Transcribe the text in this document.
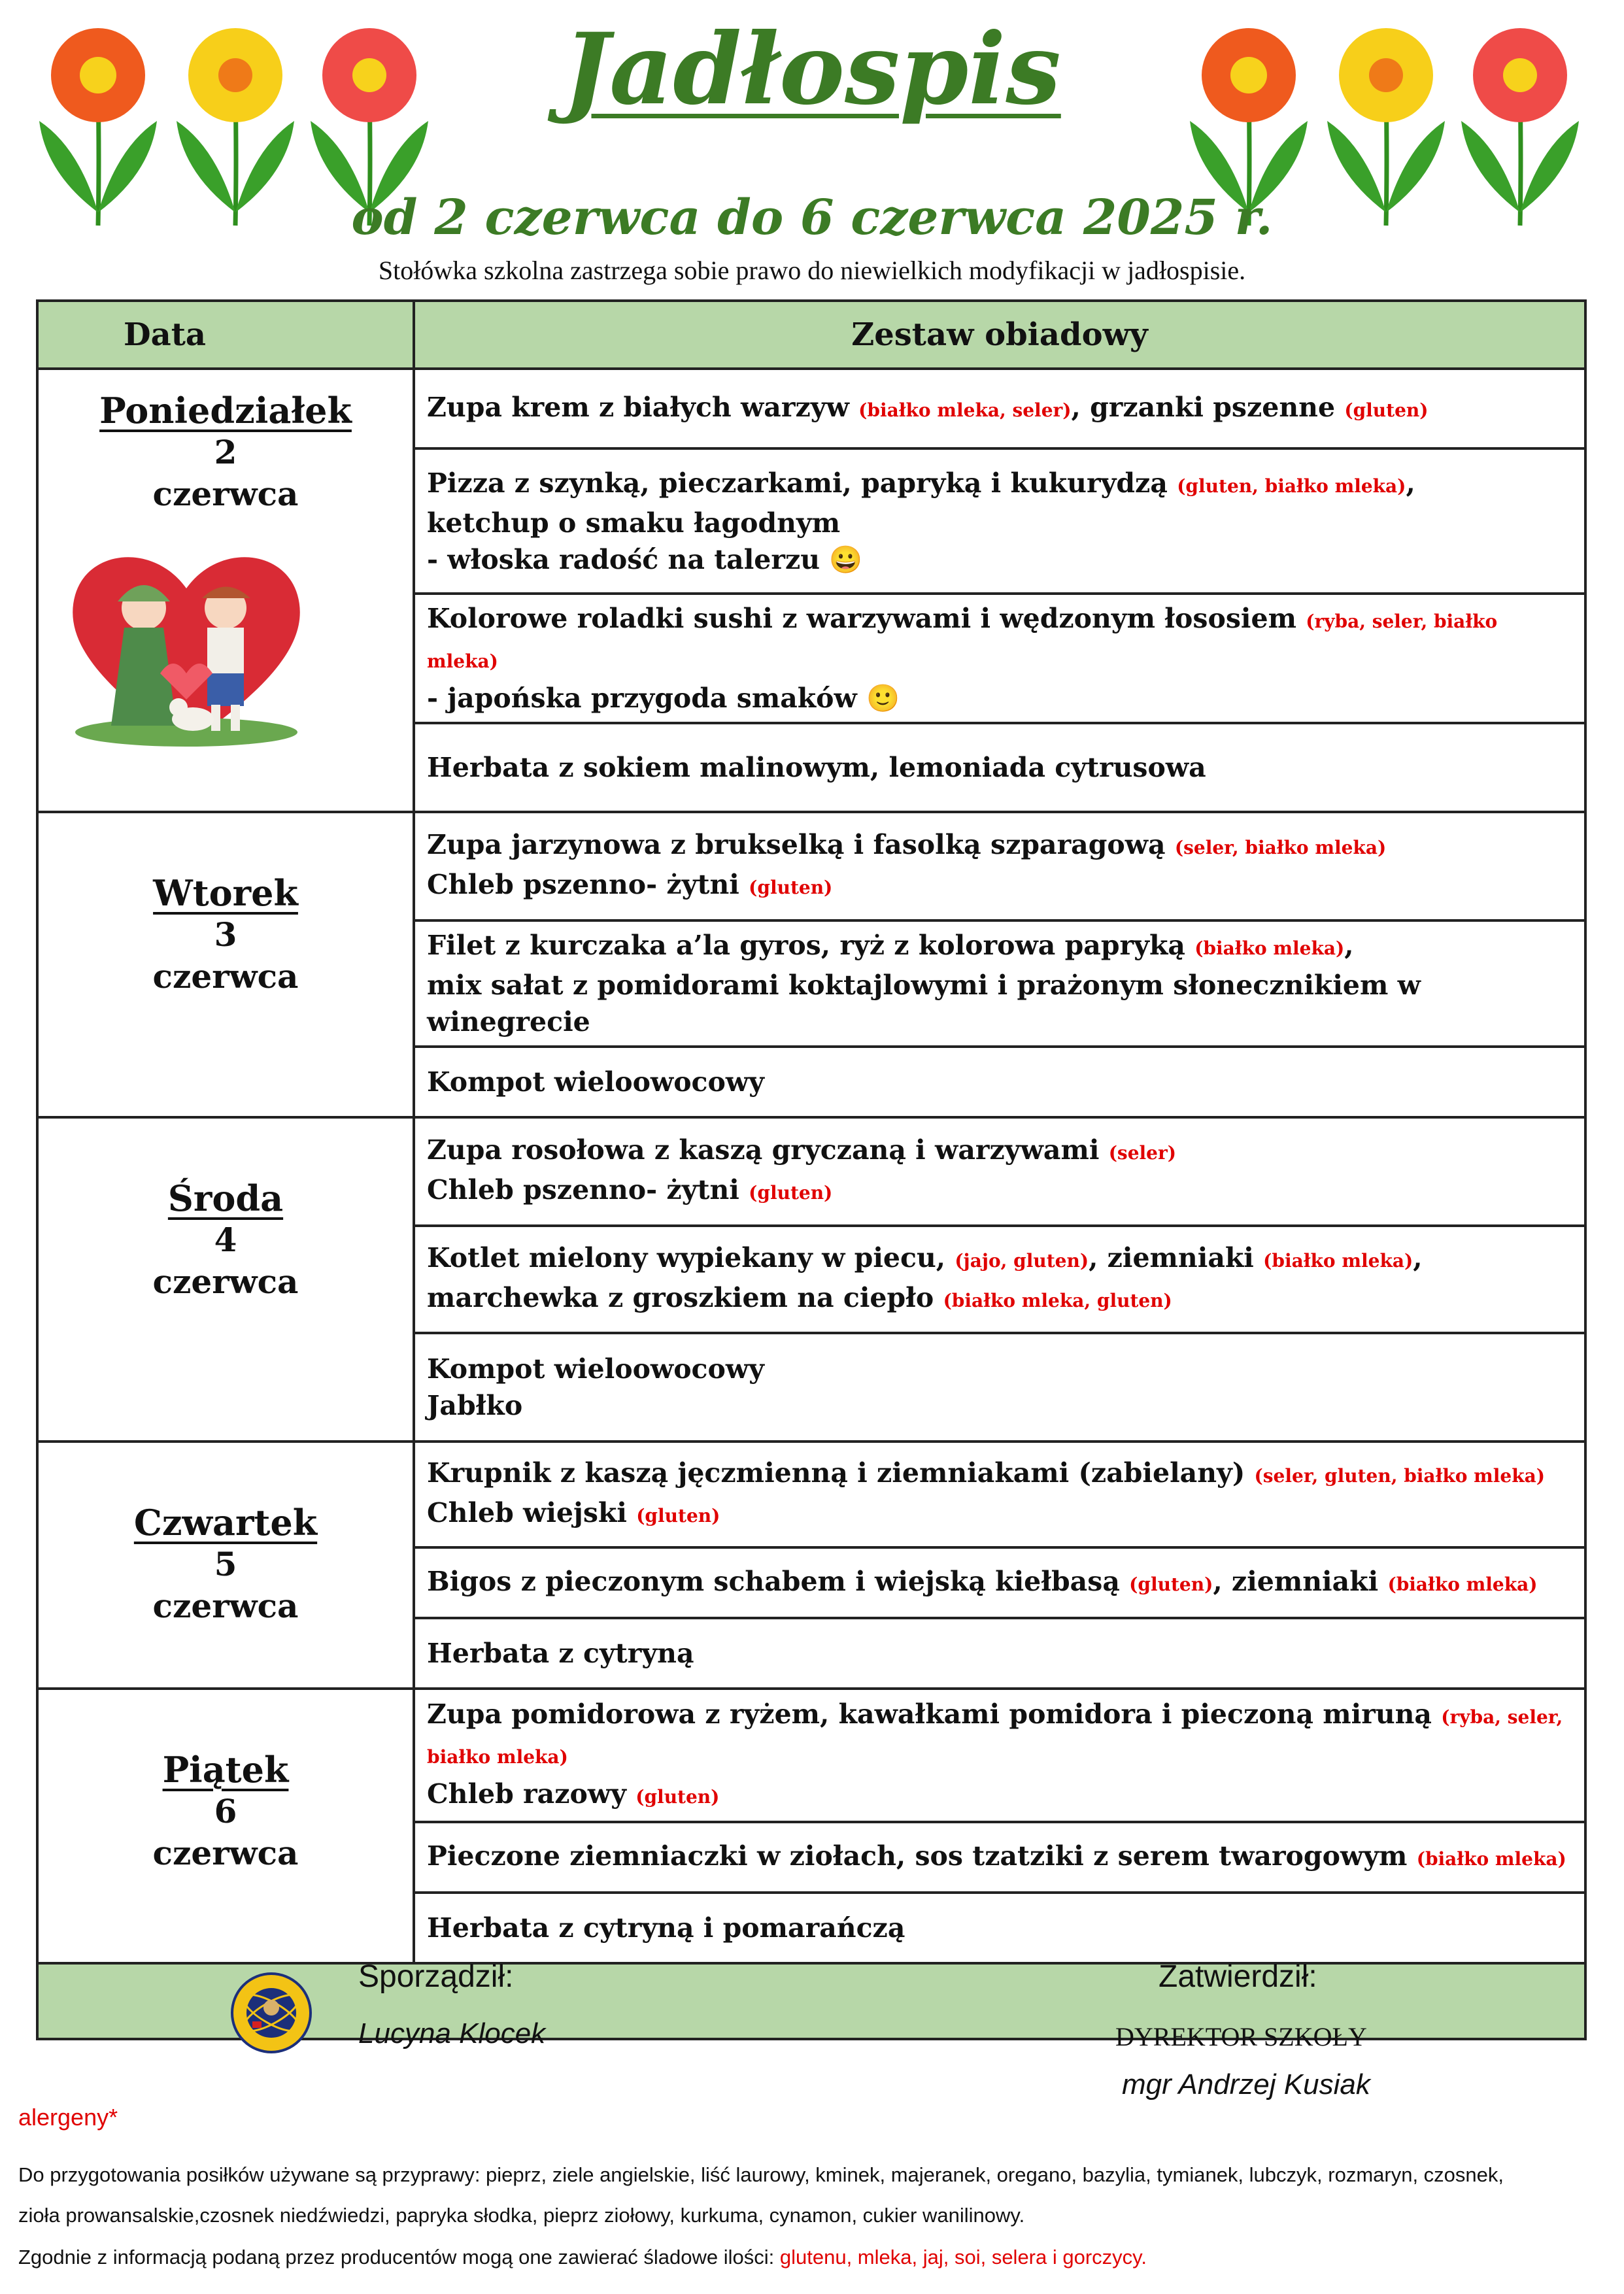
Jadłospis
od 2 czerwca do 6 czerwca 2025 r.
Stołówka szkolna zastrzega sobie prawo do niewielkich modyfikacji w jadłospisie.
Data	Zestaw obiadowy

Poniedziałek
2
czerwca	Zupa krem z białych warzyw (białko mleka, seler), grzanki pszenne (gluten)

	Pizza z szynką, pieczarkami, papryką i kukurydzą (gluten, białko mleka),
ketchup o smaku łagodnym
- włoska radość na talerzu 😀

	Kolorowe roladki sushi z warzywami i wędzonym łososiem (ryba, seler, białko mleka)
- japońska przygoda smaków 🙂

	Herbata z sokiem malinowym, lemoniada cytrusowa

Wtorek
3
czerwca	Zupa jarzynowa z brukselką i fasolką szparagową (seler, białko mleka)
Chleb pszenno- żytni (gluten)

	Filet z kurczaka a’la gyros, ryż z kolorowa papryką (białko mleka),
mix sałat z pomidorami koktajlowymi i prażonym słonecznikiem w winegrecie

	Kompot wieloowocowy

Środa
4
czerwca	Zupa rosołowa z kaszą gryczaną i warzywami (seler)
Chleb pszenno- żytni (gluten)

	Kotlet mielony wypiekany w piecu, (jajo, gluten), ziemniaki (białko mleka),
marchewka z groszkiem na ciepło (białko mleka, gluten)

	Kompot wieloowocowy
Jabłko

Czwartek
5
czerwca	Krupnik z kaszą jęczmienną i ziemniakami (zabielany) (seler, gluten, białko mleka)
Chleb wiejski (gluten)

	Bigos z pieczonym schabem i wiejską kiełbasą (gluten), ziemniaki (białko mleka)

	Herbata z cytryną

Piątek
6
czerwca	Zupa pomidorowa z ryżem, kawałkami pomidora i pieczoną miruną (ryba, seler,
białko mleka)
Chleb razowy (gluten)

	Pieczone ziemniaczki w ziołach, sos tzatziki z serem twarogowym (białko mleka)

	Herbata z cytryną i pomarańczą

Sporządził:
Lucyna Klocek
Zatwierdził:
DYREKTOR SZKOŁY
mgr Andrzej Kusiak
alergeny*
Do przygotowania posiłków używane są przyprawy: pieprz, ziele angielskie, liść laurowy, kminek, majeranek, oregano, bazylia, tymianek, lubczyk, rozmaryn, czosnek,
zioła prowansalskie,czosnek niedźwiedzi, papryka słodka, pieprz ziołowy, kurkuma, cynamon, cukier wanilinowy.
Zgodnie z informacją podaną przez producentów mogą one zawierać śladowe ilości: glutenu, mleka, jaj, soi, selera i gorczycy.
